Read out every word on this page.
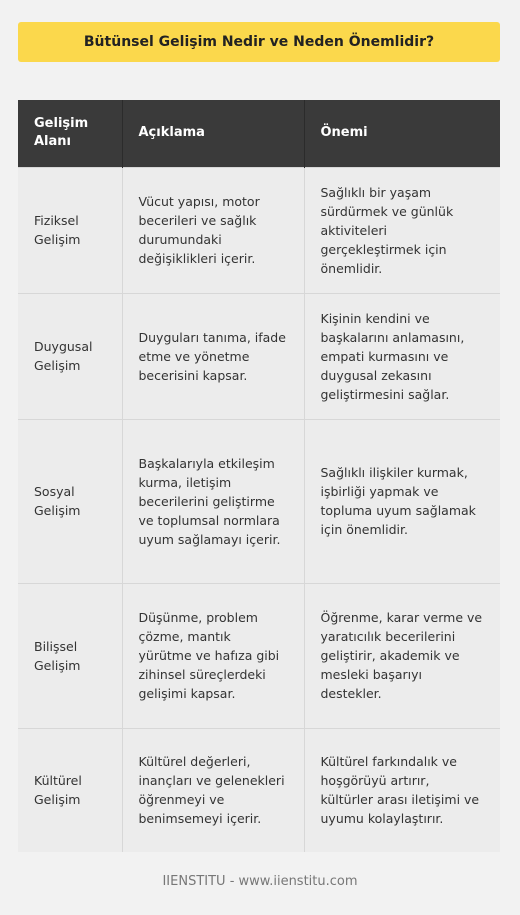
Bütünsel Gelişim Nedir ve Neden Önemlidir?
Gelişim Alanı	Açıklama	Önemi
Fiziksel Gelişim	Vücut yapısı, motor becerileri ve sağlık durumundaki değişiklikleri içerir.	Sağlıklı bir yaşam sürdürmek ve günlük aktiviteleri gerçekleştirmek için önemlidir.
Duygusal Gelişim	Duyguları tanıma, ifade etme ve yönetme becerisini kapsar.	Kişinin kendini ve başkalarını anlamasını, empati kurmasını ve duygusal zekasını geliştirmesini sağlar.
Sosyal Gelişim	Başkalarıyla etkileşim kurma, iletişim becerilerini geliştirme ve toplumsal normlara uyum sağlamayı içerir.	Sağlıklı ilişkiler kurmak, işbirliği yapmak ve topluma uyum sağlamak için önemlidir.
Bilişsel Gelişim	Düşünme, problem çözme, mantık yürütme ve hafıza gibi zihinsel süreçlerdeki gelişimi kapsar.	Öğrenme, karar verme ve yaratıcılık becerilerini geliştirir, akademik ve mesleki başarıyı destekler.
Kültürel Gelişim	Kültürel değerleri, inançları ve gelenekleri öğrenmeyi ve benimsemeyi içerir.	Kültürel farkındalık ve hoşgörüyü artırır, kültürler arası iletişimi ve uyumu kolaylaştırır.
IIENSTITU - www.iienstitu.com
